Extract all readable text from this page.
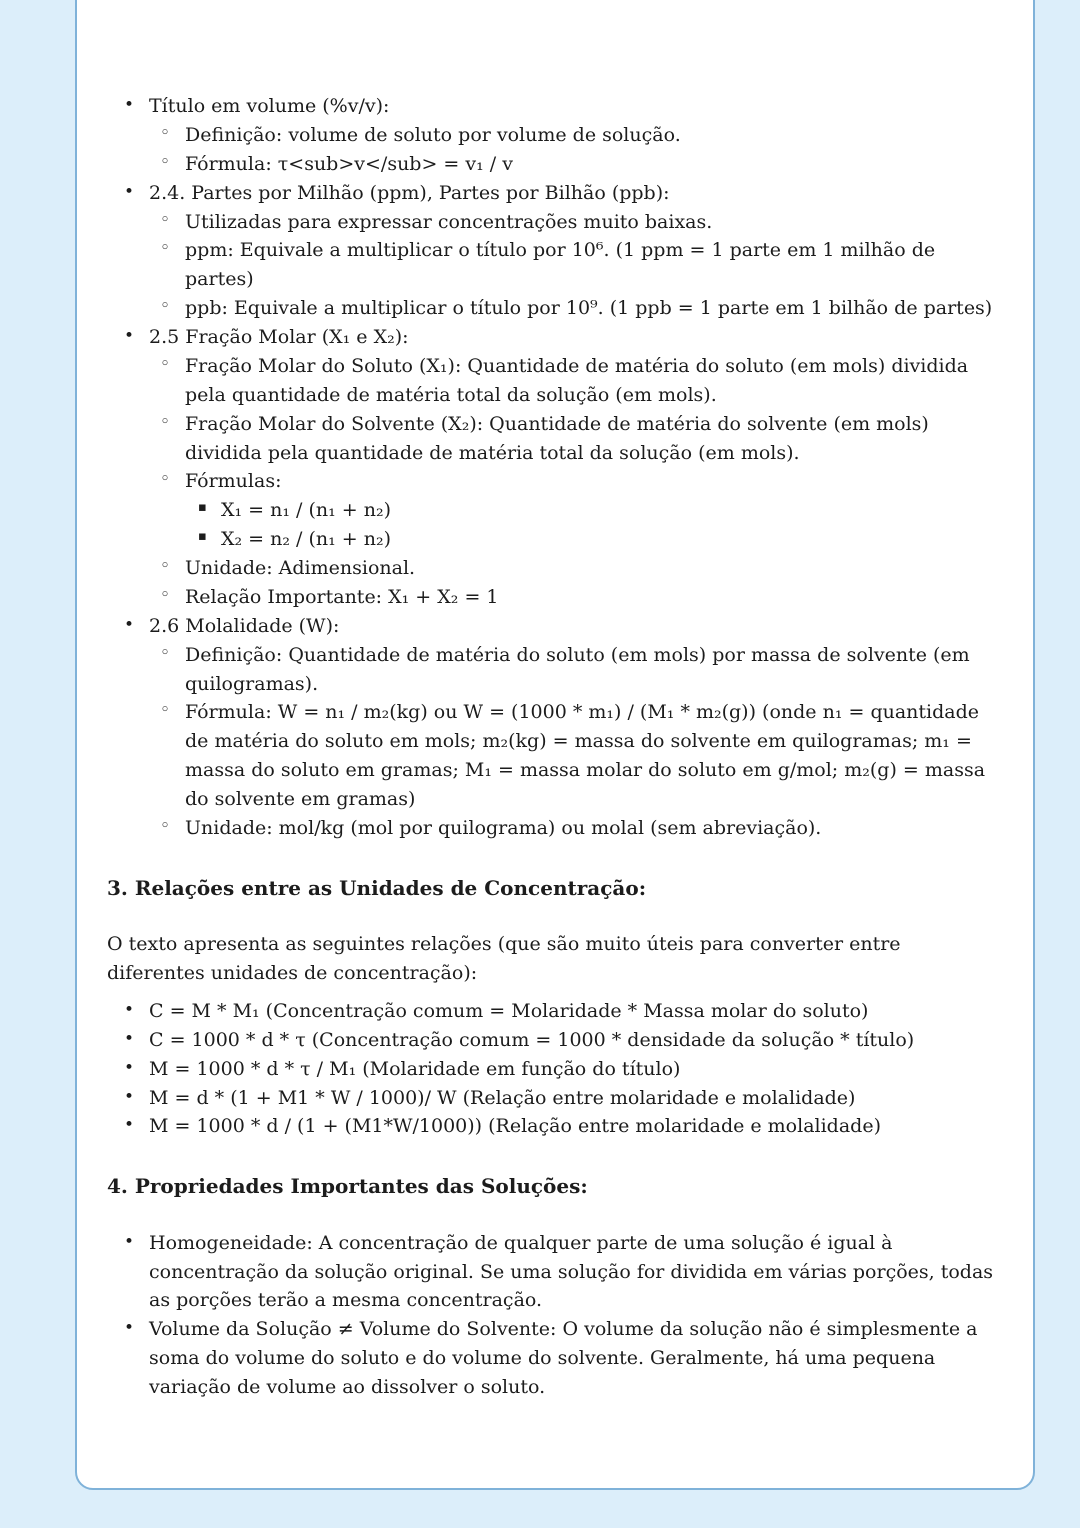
• Título em volume (%v/v):
◦ Definição: volume de soluto por volume de solução.
◦ Fórmula: τ<sub>v</sub> = v₁ / v
• 2.4. Partes por Milhão (ppm), Partes por Bilhão (ppb):
◦ Utilizadas para expressar concentrações muito baixas.
◦ ppm: Equivale a multiplicar o título por 10⁶. (1 ppm = 1 parte em 1 milhão de partes)
◦ ppb: Equivale a multiplicar o título por 10⁹. (1 ppb = 1 parte em 1 bilhão de partes)
• 2.5 Fração Molar (X₁ e X₂):
◦ Fração Molar do Soluto (X₁): Quantidade de matéria do soluto (em mols) dividida pela quantidade de matéria total da solução (em mols).
◦ Fração Molar do Solvente (X₂): Quantidade de matéria do solvente (em mols) dividida pela quantidade de matéria total da solução (em mols).
◦ Fórmulas:
▪ X₁ = n₁ / (n₁ + n₂)
▪ X₂ = n₂ / (n₁ + n₂)
◦ Unidade: Adimensional.
◦ Relação Importante: X₁ + X₂ = 1
• 2.6 Molalidade (W):
◦ Definição: Quantidade de matéria do soluto (em mols) por massa de solvente (em quilogramas).
◦ Fórmula: W = n₁ / m₂(kg) ou W = (1000 * m₁) / (M₁ * m₂(g)) (onde n₁ = quantidade de matéria do soluto em mols; m₂(kg) = massa do solvente em quilogramas; m₁ = massa do soluto em gramas; M₁ = massa molar do soluto em g/mol; m₂(g) = massa do solvente em gramas)
◦ Unidade: mol/kg (mol por quilograma) ou molal (sem abreviação).
3. Relações entre as Unidades de Concentração:
O texto apresenta as seguintes relações (que são muito úteis para converter entre diferentes unidades de concentração):
• C = M * M₁ (Concentração comum = Molaridade * Massa molar do soluto)
• C = 1000 * d * τ (Concentração comum = 1000 * densidade da solução * título)
• M = 1000 * d * τ / M₁ (Molaridade em função do título)
• M = d * (1 + M1 * W / 1000)/ W (Relação entre molaridade e molalidade)
• M = 1000 * d / (1 + (M1*W/1000)) (Relação entre molaridade e molalidade)
4. Propriedades Importantes das Soluções:
• Homogeneidade: A concentração de qualquer parte de uma solução é igual à concentração da solução original. Se uma solução for dividida em várias porções, todas as porções terão a mesma concentração.
• Volume da Solução ≠ Volume do Solvente: O volume da solução não é simplesmente a soma do volume do soluto e do volume do solvente. Geralmente, há uma pequena variação de volume ao dissolver o soluto.
